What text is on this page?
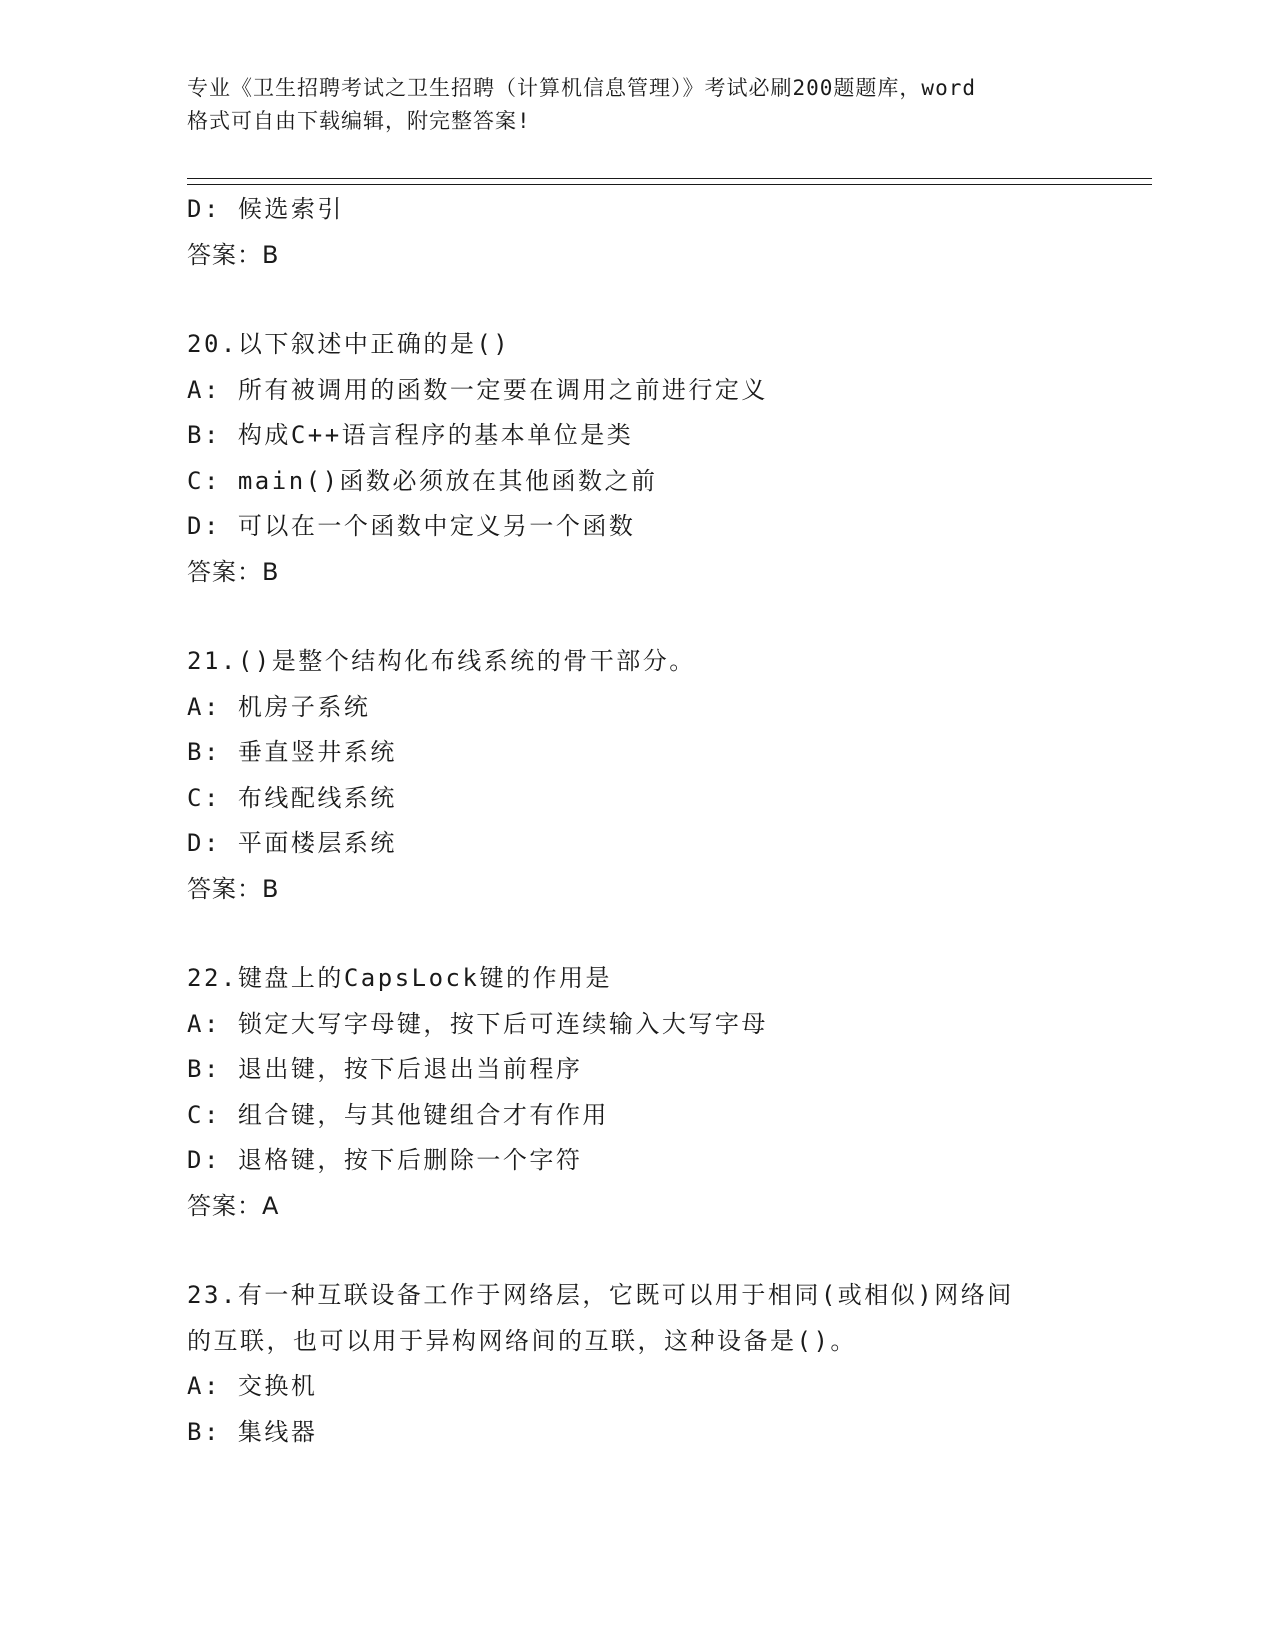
专业《卫生招聘考试之卫生招聘（计算机信息管理）》考试必刷200题题库，word
格式可自由下载编辑，附完整答案!
D: 候选索引
答案：B
20.以下叙述中正确的是()
A: 所有被调用的函数一定要在调用之前进行定义
B: 构成C++语言程序的基本单位是类
C: main()函数必须放在其他函数之前
D: 可以在一个函数中定义另一个函数
答案：B
21.()是整个结构化布线系统的骨干部分。
A: 机房子系统
B: 垂直竖井系统
C: 布线配线系统
D: 平面楼层系统
答案：B
22.键盘上的CapsLock键的作用是
A: 锁定大写字母键，按下后可连续输入大写字母
B: 退出键，按下后退出当前程序
C: 组合键，与其他键组合才有作用
D: 退格键，按下后删除一个字符
答案：A
23.有一种互联设备工作于网络层，它既可以用于相同(或相似)网络间
的互联，也可以用于异构网络间的互联，这种设备是()。
A: 交换机
B: 集线器
